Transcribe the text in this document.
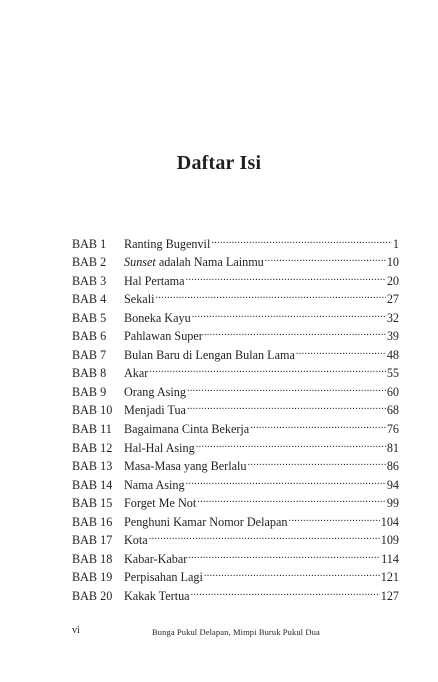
Daftar Isi
BAB 1	Ranting Bugenvil .....	1
BAB 2	Sunset adalah Nama Lainmu .....	10
BAB 3	Hal Pertama .....	20
BAB 4	Sekali .....	27
BAB 5	Boneka Kayu .....	32
BAB 6	Pahlawan Super .....	39
BAB 7	Bulan Baru di Lengan Bulan Lama .....	48
BAB 8	Akar .....	55
BAB 9	Orang Asing .....	60
BAB 10 Menjadi Tua .....	68
BAB 11 Bagaimana Cinta Bekerja .....	76
BAB 12 Hal-Hal Asing .....	81
BAB 13 Masa-Masa yang Berlalu .....	86
BAB 14 Nama Asing .....	94
BAB 15 Forget Me Not .....	99
BAB 16 Penghuni Kamar Nomor Delapan .....	104
BAB 17 Kota .....	109
BAB 18 Kabar-Kabar .....	114
BAB 19 Perpisahan Lagi .....	121
BAB 20 Kakak Tertua .....	127
vi	Bunga Pukul Delapan, Mimpi Buruk Pukul Dua
